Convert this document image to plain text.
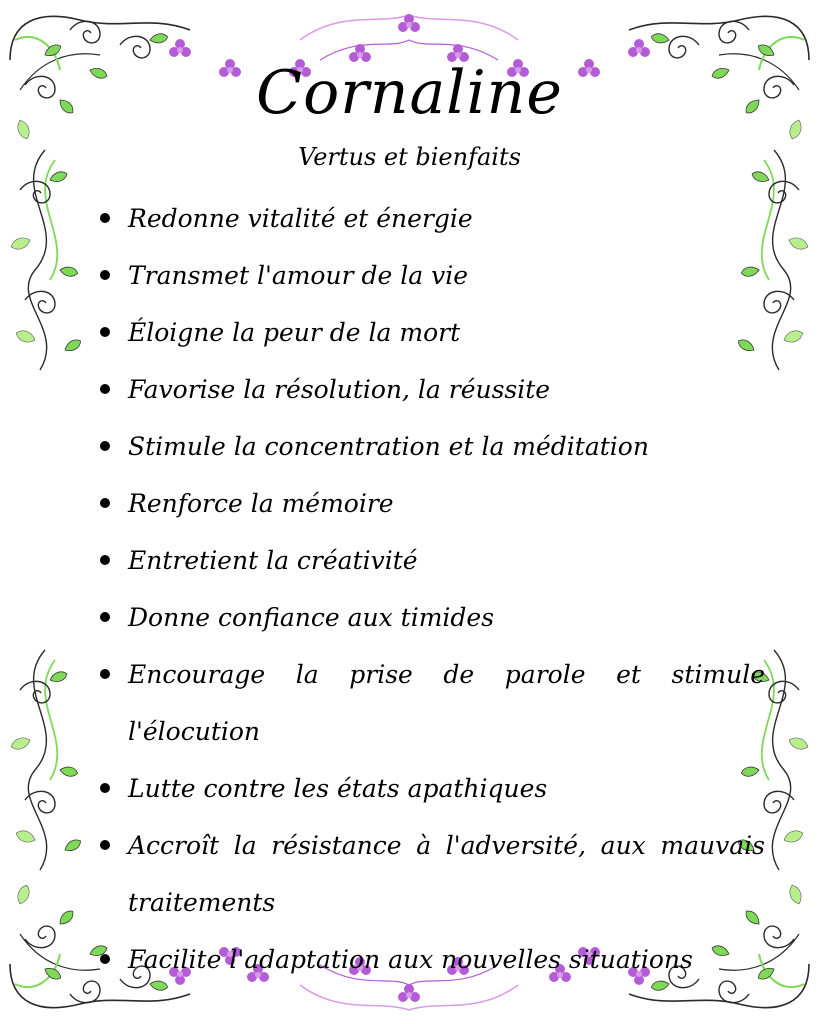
Cornaline
Vertus et bienfaits
Redonne vitalité et énergie
Transmet l'amour de la vie
Éloigne la peur de la mort
Favorise la résolution, la réussite
Stimule la concentration et la méditation
Renforce la mémoire
Entretient la créativité
Donne confiance aux timides
Encourage la prise de parole et stimule l'élocution
Lutte contre les états apathiques
Accroît la résistance à l'adversité, aux mauvais traitements
Facilite l'adaptation aux nouvelles situations
